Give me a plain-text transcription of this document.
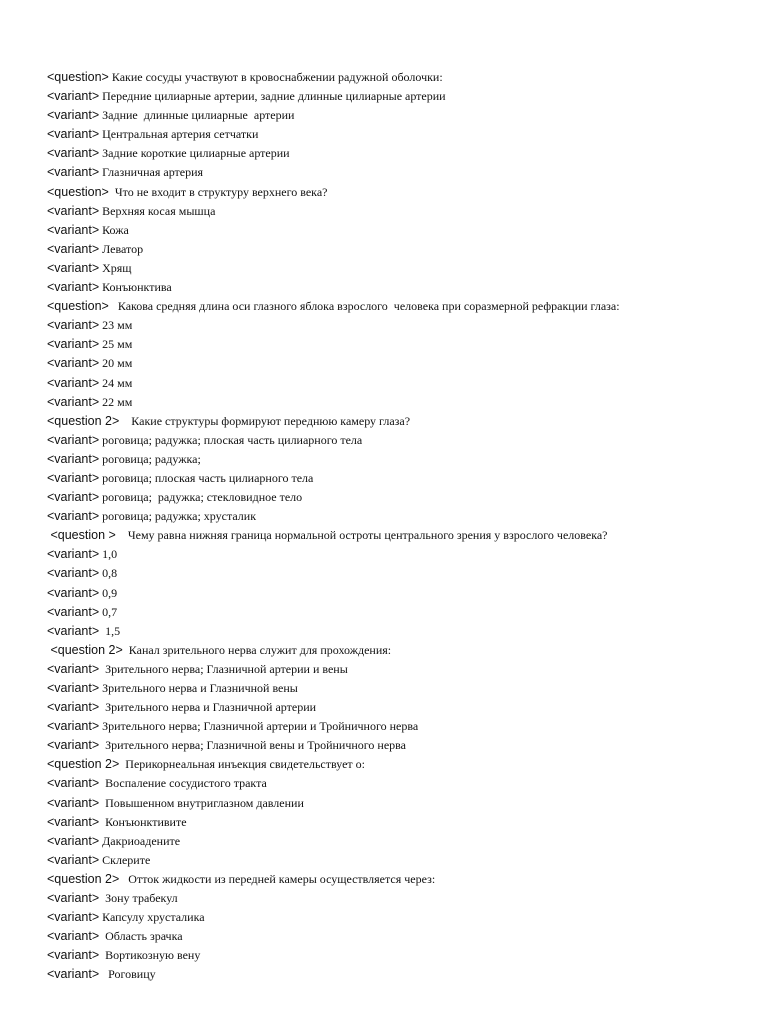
<question> Какие сосуды участвуют в кровоснабжении радужной оболочки:
<variant> Передние цилиарные артерии, задние длинные цилиарные артерии
<variant> Задние  длинные цилиарные  артерии
<variant> Центральная артерия сетчатки
<variant> Задние короткие цилиарные артерии
<variant> Глазничная артерия
<question>  Что не входит в структуру верхнего века?
<variant> Верхняя косая мышца
<variant> Кожа
<variant> Леватор
<variant> Хрящ
<variant> Конъюнктива
<question>   Какова средняя длина оси глазного яблока взрослого  человека при соразмерной рефракции глаза:
<variant> 23 мм
<variant> 25 мм
<variant> 20 мм
<variant> 24 мм
<variant> 22 мм
<question 2>    Какие структуры формируют переднюю камеру глаза?
<variant> роговица; радужка; плоская часть цилиарного тела
<variant> роговица; радужка;
<variant> роговица; плоская часть цилиарного тела
<variant> роговица;  радужка; стекловидное тело
<variant> роговица; радужка; хрусталик
<question >    Чему равна нижняя граница нормальной остроты центрального зрения у взрослого человека?
<variant> 1,0
<variant> 0,8
<variant> 0,9
<variant> 0,7
<variant>  1,5
<question 2>  Канал зрительного нерва служит для прохождения:
<variant>  Зрительного нерва; Глазничной артерии и вены
<variant> Зрительного нерва и Глазничной вены
<variant>  Зрительного нерва и Глазничной артерии
<variant> Зрительного нерва; Глазничной артерии и Тройничного нерва
<variant>  Зрительного нерва; Глазничной вены и Тройничного нерва
<question 2>  Перикорнеальная инъекция свидетельствует о:
<variant>  Воспаление сосудистого тракта
<variant>  Повышенном внутриглазном давлении
<variant>  Конъюнктивите
<variant> Дакриоадените
<variant> Склерите
<question 2>   Отток жидкости из передней камеры осуществляется через:
<variant>  Зону трабекул
<variant> Капсулу хрусталика
<variant>  Область зрачка
<variant>  Вортикозную вену
<variant>   Роговицу
